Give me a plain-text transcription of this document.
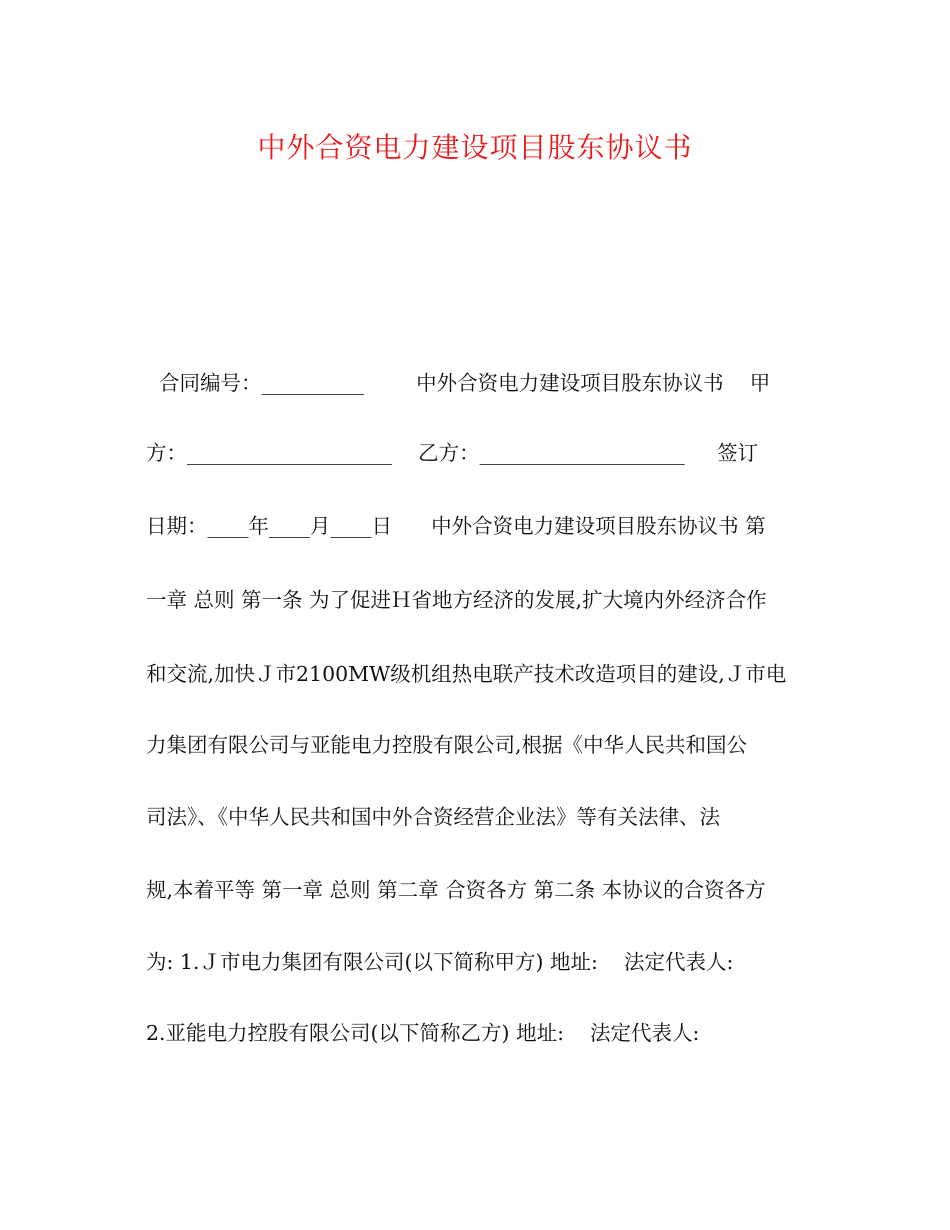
中外合资电力建设项目股东协议书
合同编号：__________        中外合资电力建设项目股东协议书    甲
方：____________________    乙方：____________________     签订
日期：____年____月____日      中外合资电力建设项目股东协议书 第
一章 总则 第一条 为了促进Ｈ省地方经济的发展,扩大境内外经济合作
和交流,加快Ｊ市2100MW级机组热电联产技术改造项目的建设,Ｊ市电
力集团有限公司与亚能电力控股有限公司,根据《中华人民共和国公
司法》、《中华人民共和国中外合资经营企业法》等有关法律、法
规,本着平等 第一章 总则 第二章 合资各方 第二条 本协议的合资各方
为: 1.Ｊ市电力集团有限公司(以下简称甲方) 地址:    法定代表人:
2.亚能电力控股有限公司(以下简称乙方) 地址:    法定代表人:
